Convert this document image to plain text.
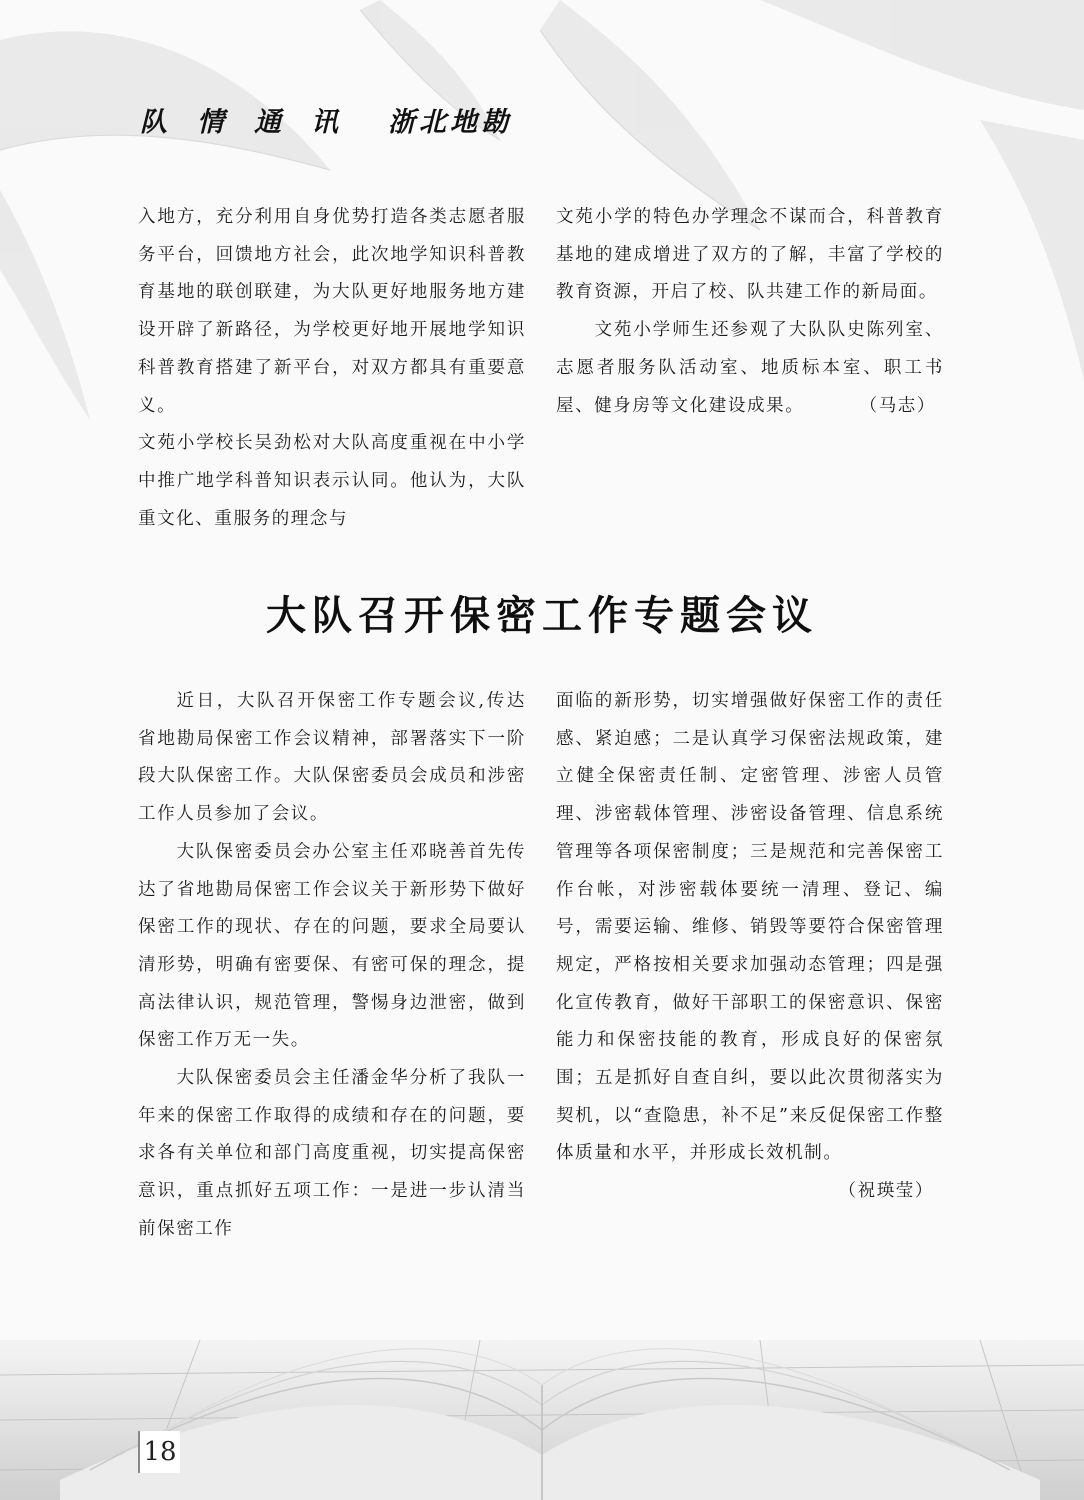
队情通讯 浙北地勘

入地方，充分利用自身优势打造各类志愿者服务平台，回馈地方社会，此次地学知识科普教育基地的联创联建，为大队更好地服务地方建设开辟了新路径，为学校更好地开展地学知识科普教育搭建了新平台，对双方都具有重要意义。

文苑小学校长吴劲松对大队高度重视在中小学中推广地学科普知识表示认同。他认为，大队重文化、重服务的理念与

文苑小学的特色办学理念不谋而合，科普教育基地的建成增进了双方的了解，丰富了学校的教育资源，开启了校、队共建工作的新局面。

文苑小学师生还参观了大队队史陈列室、志愿者服务队活动室、地质标本室、职工书屋、健身房等文化建设成果。	（马志）

大队召开保密工作专题会议

近日，大队召开保密工作专题会议,传达省地勘局保密工作会议精神，部署落实下一阶段大队保密工作。大队保密委员会成员和涉密工作人员参加了会议。

大队保密委员会办公室主任邓晓善首先传达了省地勘局保密工作会议关于新形势下做好保密工作的现状、存在的问题，要求全局要认清形势，明确有密要保、有密可保的理念，提高法律认识，规范管理，警惕身边泄密，做到保密工作万无一失。

大队保密委员会主任潘金华分析了我队一年来的保密工作取得的成绩和存在的问题，要求各有关单位和部门高度重视，切实提高保密意识，重点抓好五项工作：一是进一步认清当前保密工作

面临的新形势，切实增强做好保密工作的责任感、紧迫感；二是认真学习保密法规政策，建立健全保密责任制、定密管理、涉密人员管理、涉密载体管理、涉密设备管理、信息系统管理等各项保密制度；三是规范和完善保密工作台帐，对涉密载体要统一清理、登记、编号，需要运输、维修、销毁等要符合保密管理规定，严格按相关要求加强动态管理；四是强化宣传教育，做好干部职工的保密意识、保密能力和保密技能的教育，形成良好的保密氛围；五是抓好自查自纠，要以此次贯彻落实为契机，以“查隐患，补不足”来反促保密工作整体质量和水平，并形成长效机制。

（祝瑛莹）

18
